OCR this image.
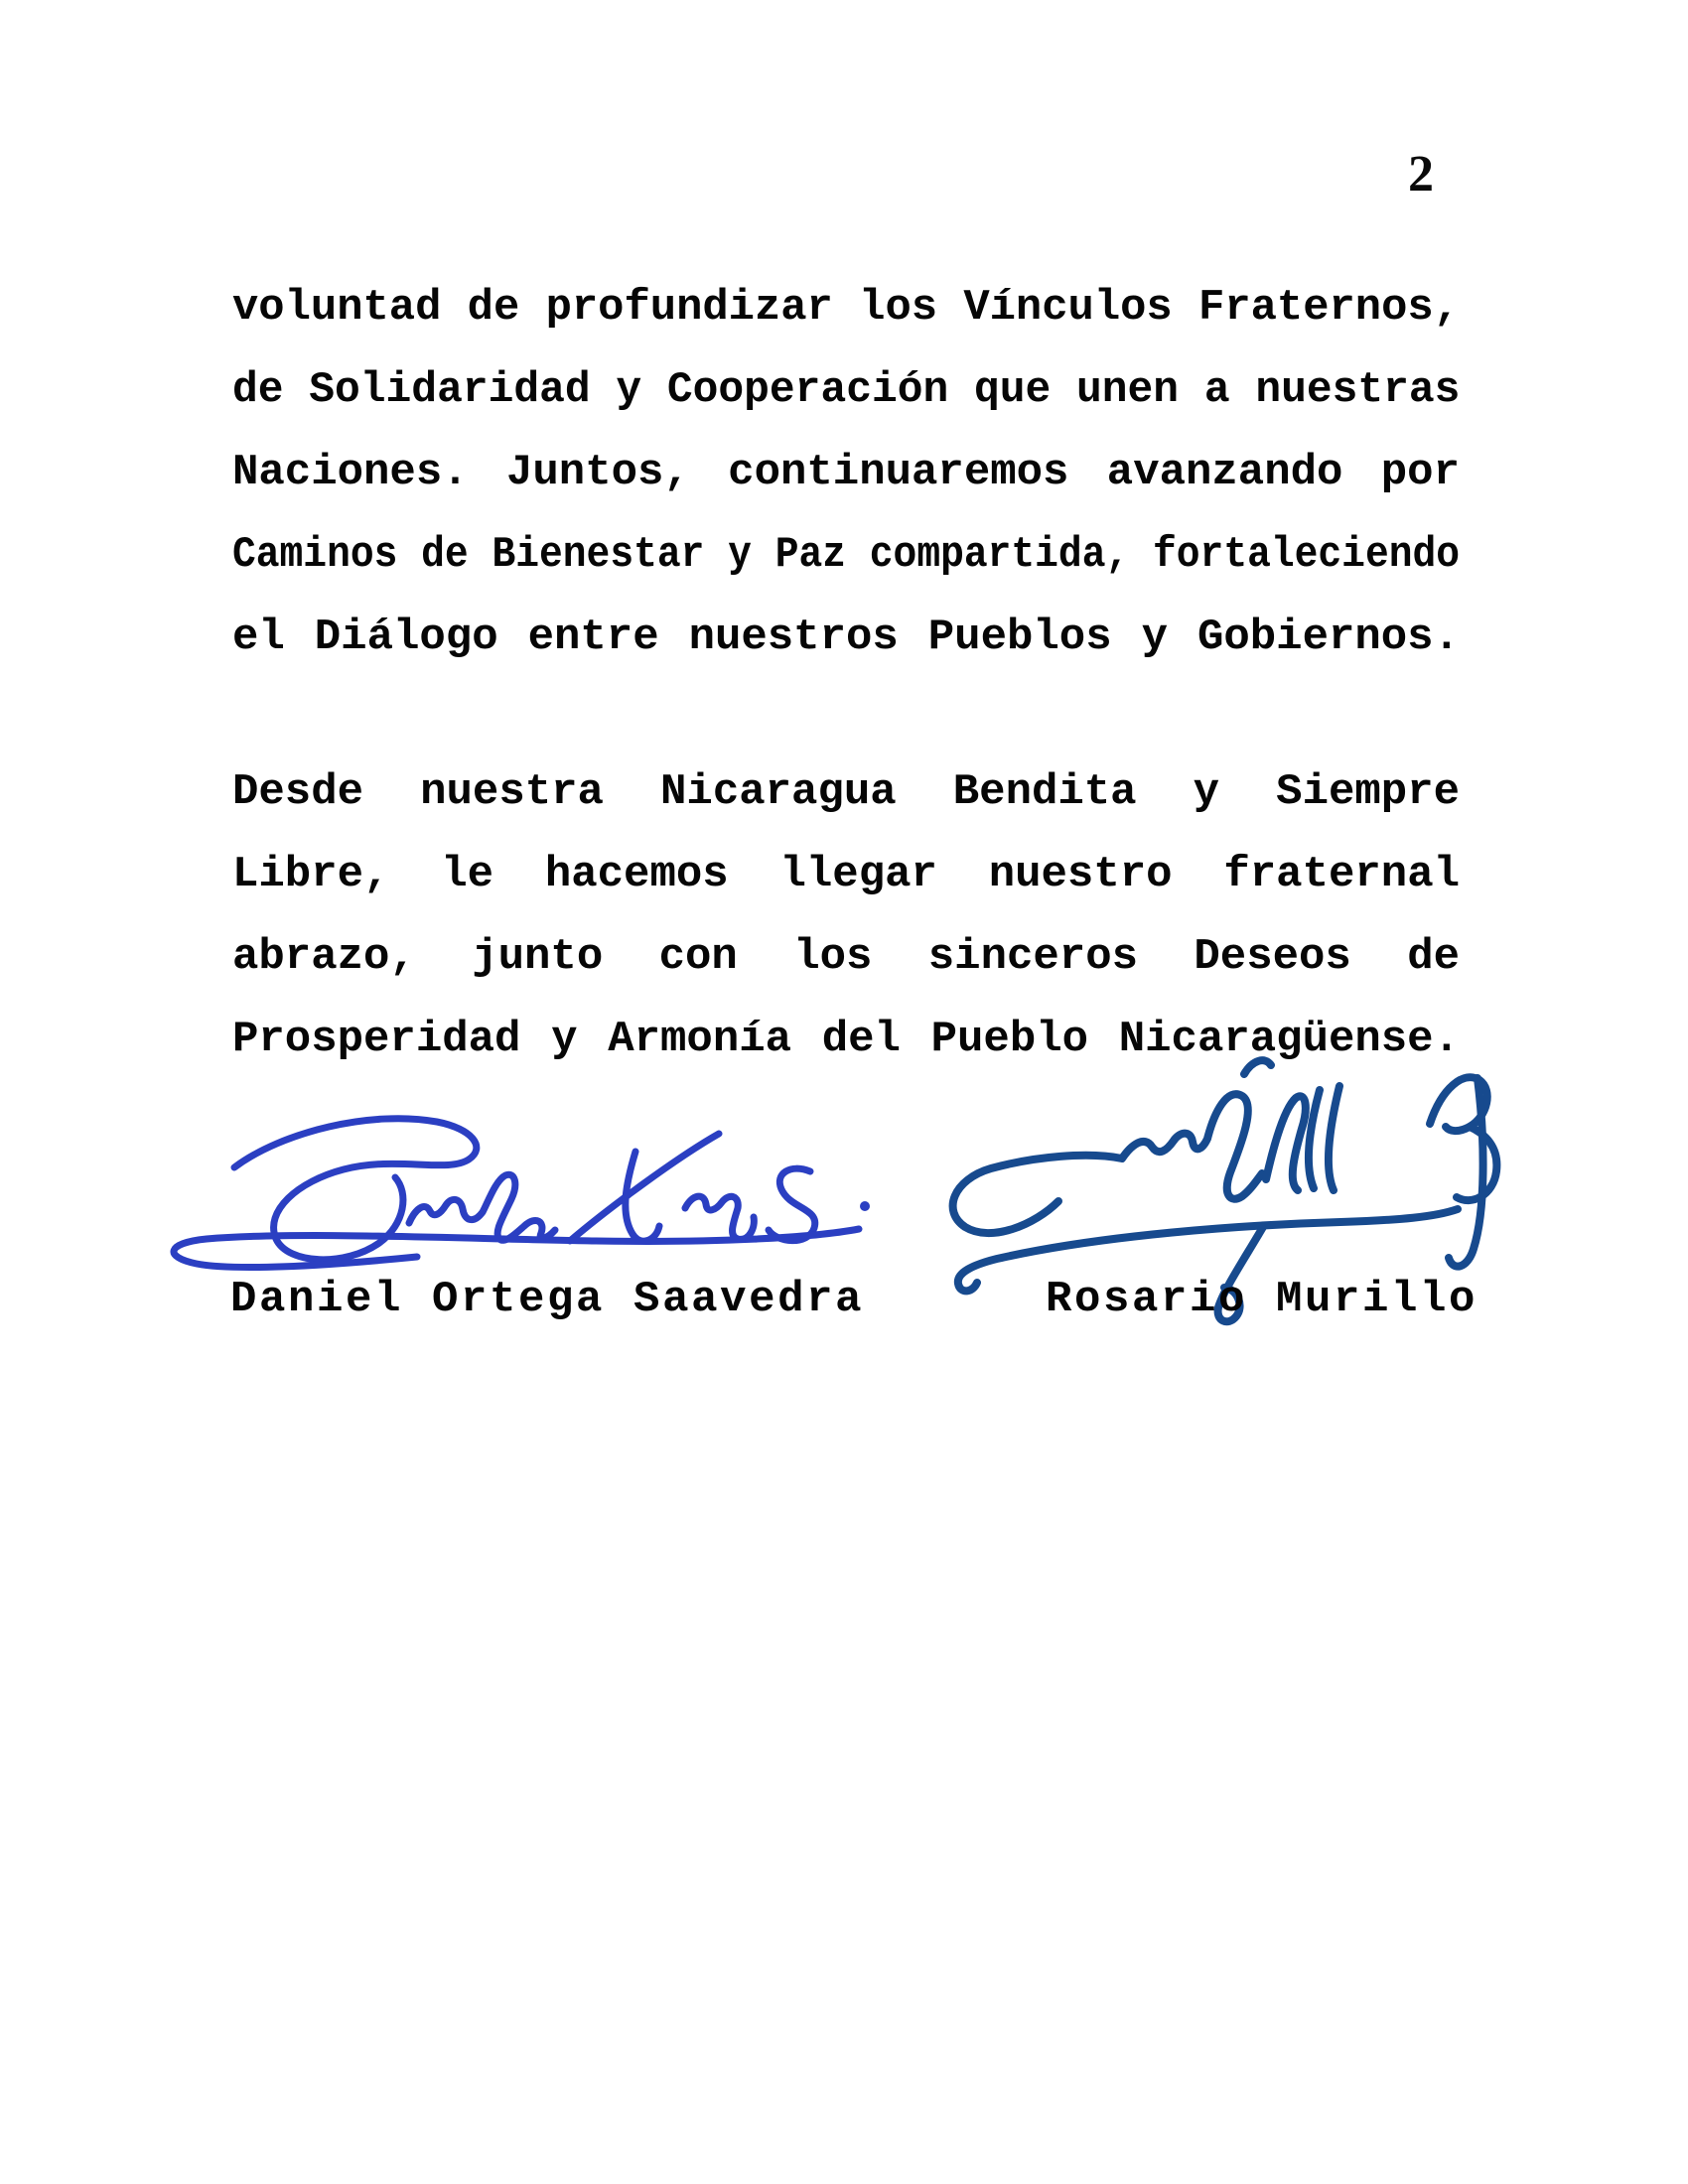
2
voluntad de profundizar los Vínculos Fraternos,
de Solidaridad y Cooperación que unen a nuestras
Naciones. Juntos, continuaremos avanzando por
Caminos de Bienestar y Paz compartida, fortaleciendo
el Diálogo entre nuestros Pueblos y Gobiernos.
Desde nuestra Nicaragua Bendita y Siempre
Libre, le hacemos llegar nuestro fraternal
abrazo, junto con los sinceros Deseos de
Prosperidad y Armonía del Pueblo Nicaragüense.
Daniel Ortega Saavedra	Rosario Murillo
